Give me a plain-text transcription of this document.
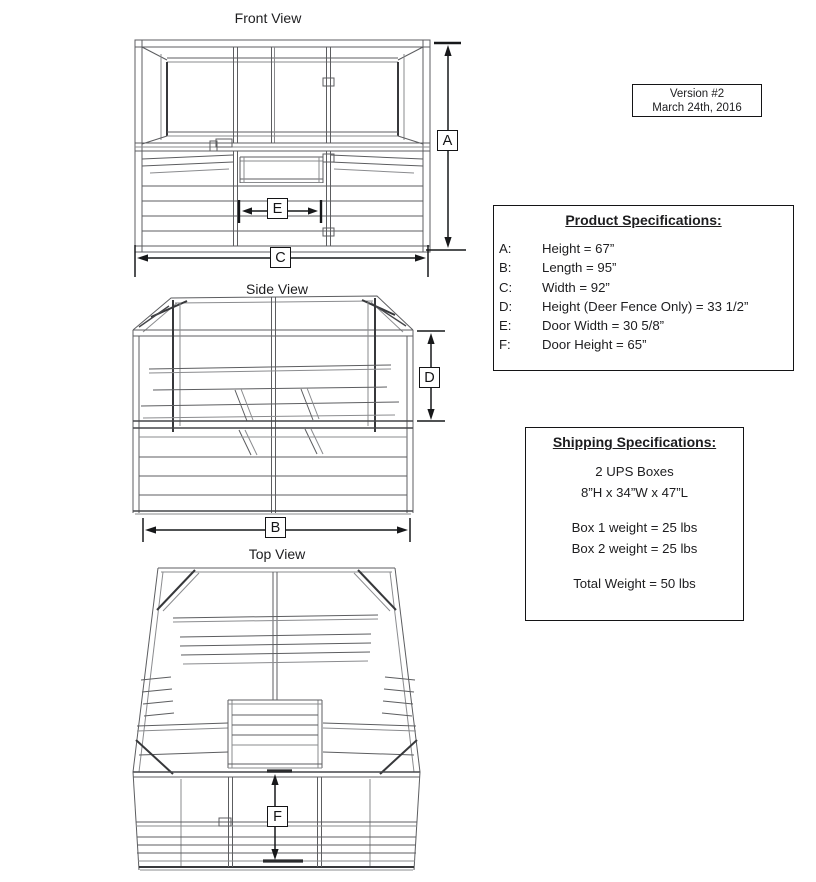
Front View
Side View
Top View
A
E
C
D
B
F
Version #2
March 24th, 2016
Product Specifications:
A:	Height = 67”
B:	Length = 95”
C:	Width = 92”
D:	Height (Deer Fence Only) = 33 1/2”
E:	Door Width = 30 5/8”
F:	Door Height = 65”
Shipping Specifications:
2 UPS Boxes
8”H x 34”W x 47”L
Box 1 weight = 25 lbs
Box 2 weight = 25 lbs
Total Weight = 50 lbs
